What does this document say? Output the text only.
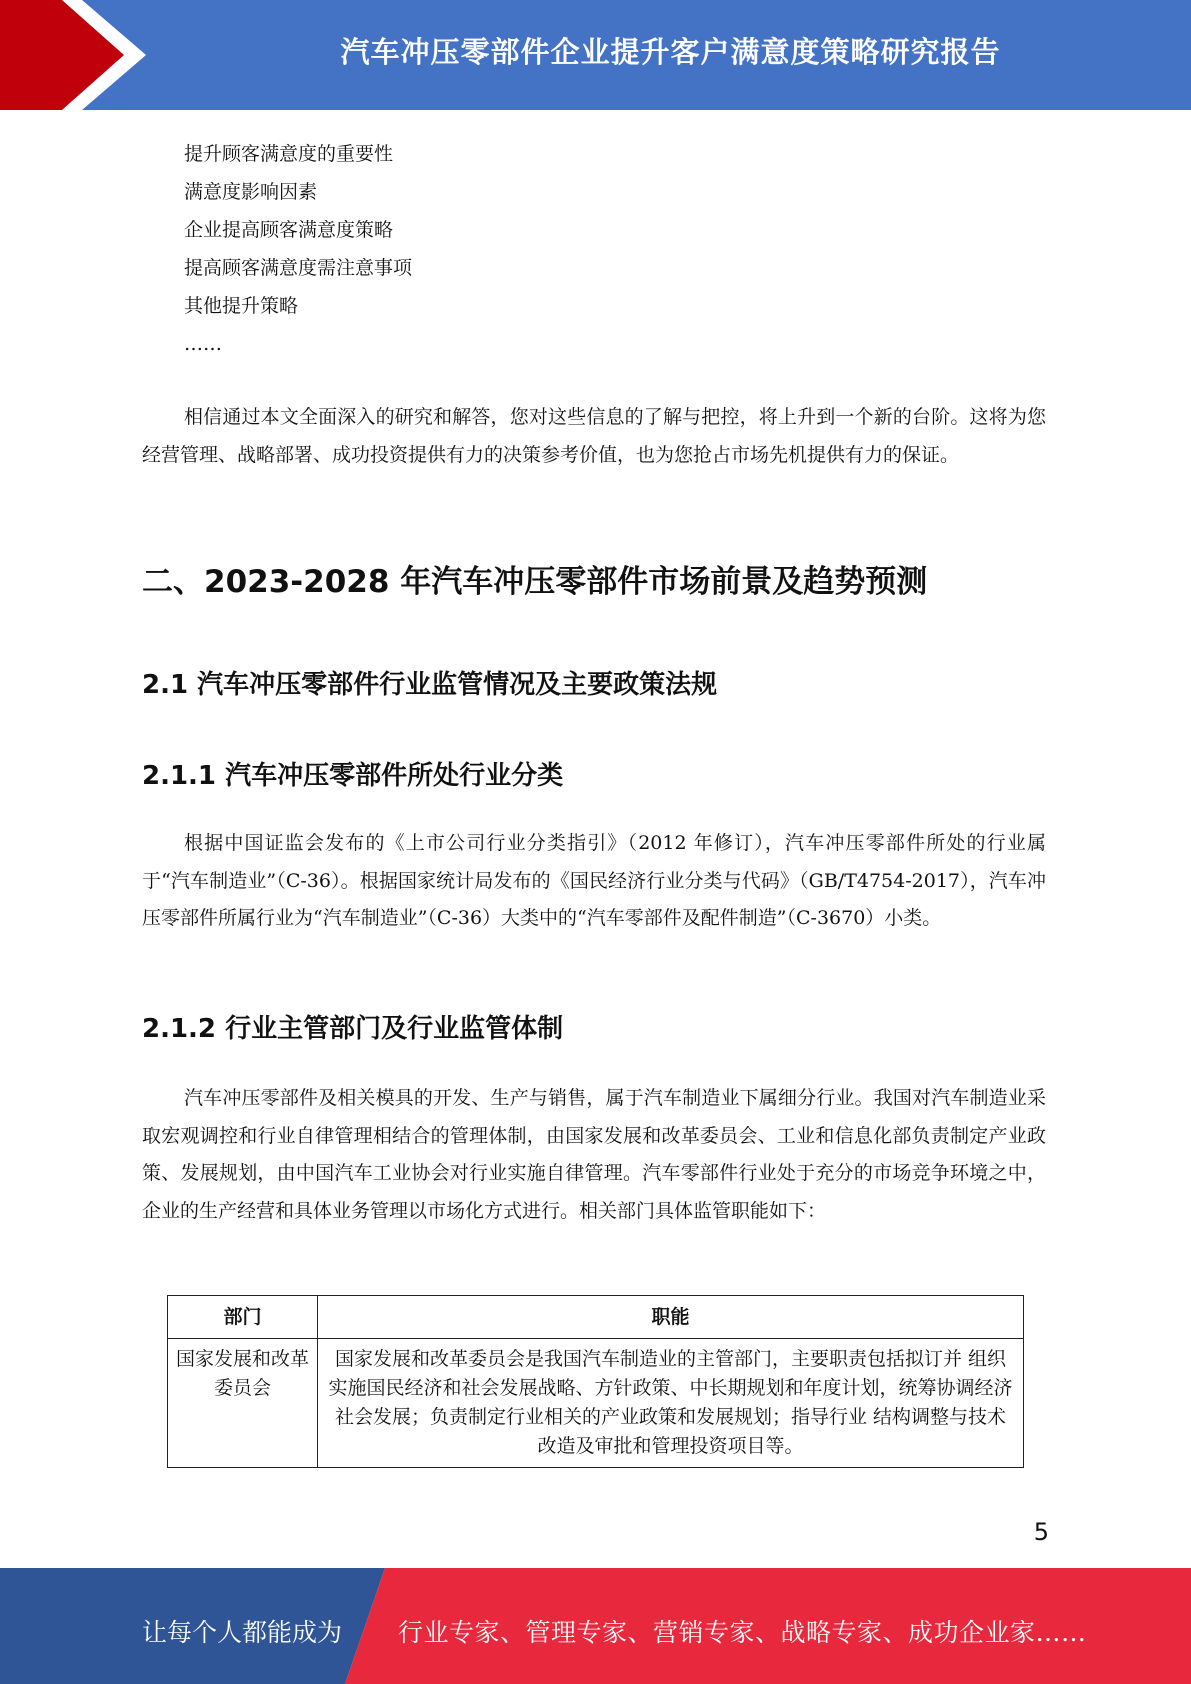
汽车冲压零部件企业提升客户满意度策略研究报告
提升顾客满意度的重要性
满意度影响因素
企业提高顾客满意度策略
提高顾客满意度需注意事项
其他提升策略
……
相信通过本文全面深入的研究和解答，您对这些信息的了解与把控，将上升到一个新的台阶。这将为您经营管理、战略部署、成功投资提供有力的决策参考价值，也为您抢占市场先机提供有力的保证。
二、2023-2028 年汽车冲压零部件市场前景及趋势预测
2.1 汽车冲压零部件行业监管情况及主要政策法规
2.1.1 汽车冲压零部件所处行业分类
根据中国证监会发布的《上市公司行业分类指引》（2012 年修订），汽车冲压零部件所处的行业属于“汽车制造业”（C-36）。根据国家统计局发布的《国民经济行业分类与代码》（GB/T4754-2017），汽车冲压零部件所属行业为“汽车制造业”（C-36）大类中的“汽车零部件及配件制造”（C-3670）小类。
2.1.2 行业主管部门及行业监管体制
汽车冲压零部件及相关模具的开发、生产与销售，属于汽车制造业下属细分行业。我国对汽车制造业采取宏观调控和行业自律管理相结合的管理体制，由国家发展和改革委员会、工业和信息化部负责制定产业政策、发展规划，由中国汽车工业协会对行业实施自律管理。汽车零部件行业处于充分的市场竞争环境之中，企业的生产经营和具体业务管理以市场化方式进行。相关部门具体监管职能如下：
部门	职能
国家发展和改革委员会	国家发展和改革委员会是我国汽车制造业的主管部门，主要职责包括拟订并 组织实施国民经济和社会发展战略、方针政策、中长期规划和年度计划，统筹协调经济社会发展；负责制定行业相关的产业政策和发展规划；指导行业 结构调整与技术改造及审批和管理投资项目等。
5
让每个人都能成为 行业专家、管理专家、营销专家、战略专家、成功企业家……
